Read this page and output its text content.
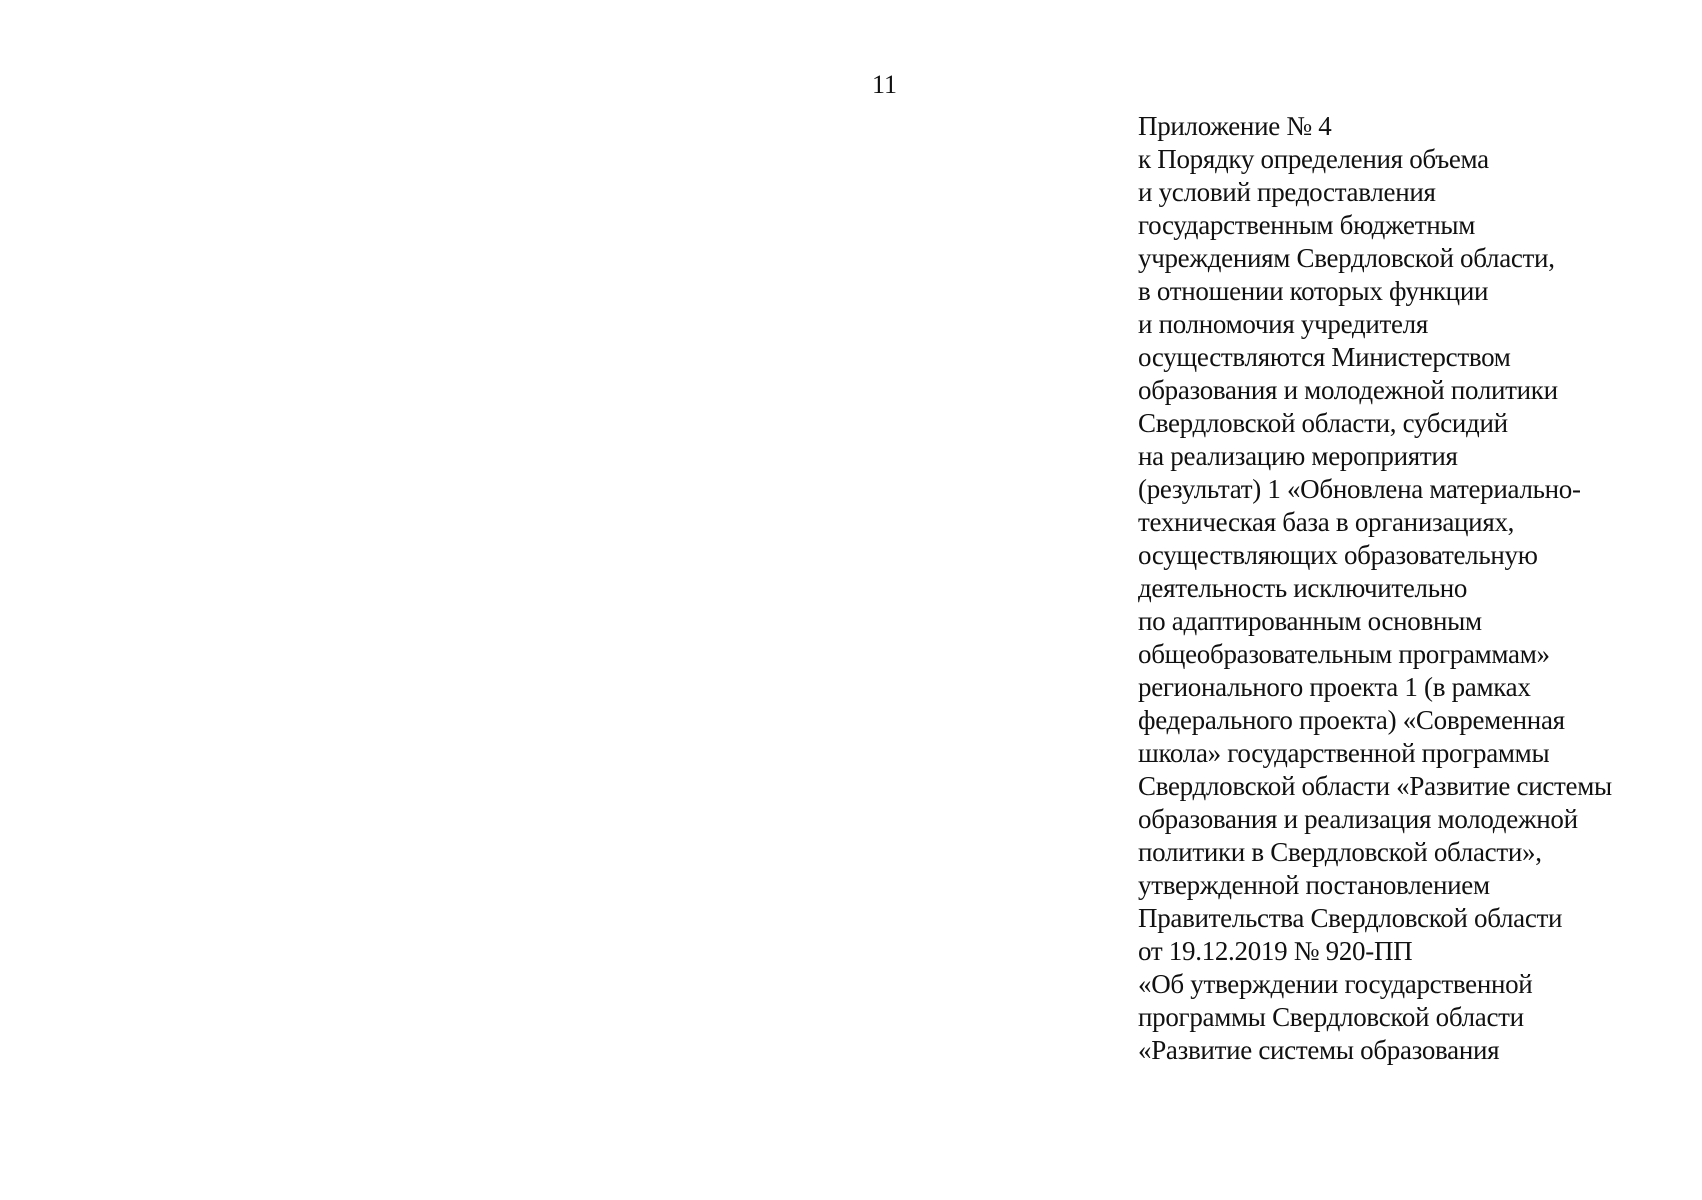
11

Приложение № 4
к Порядку определения объема
и условий предоставления
государственным бюджетным
учреждениям Свердловской области,
в отношении которых функции
и полномочия учредителя
осуществляются Министерством
образования и молодежной политики
Свердловской области, субсидий
на реализацию мероприятия
(результат) 1 «Обновлена материально-
техническая база в организациях,
осуществляющих образовательную
деятельность исключительно
по адаптированным основным
общеобразовательным программам»
регионального проекта 1 (в рамках
федерального проекта) «Современная
школа» государственной программы
Свердловской области «Развитие системы
образования и реализация молодежной
политики в Свердловской области»,
утвержденной постановлением
Правительства Свердловской области
от 19.12.2019 № 920-ПП
«Об утверждении государственной
программы Свердловской области
«Развитие системы образования
